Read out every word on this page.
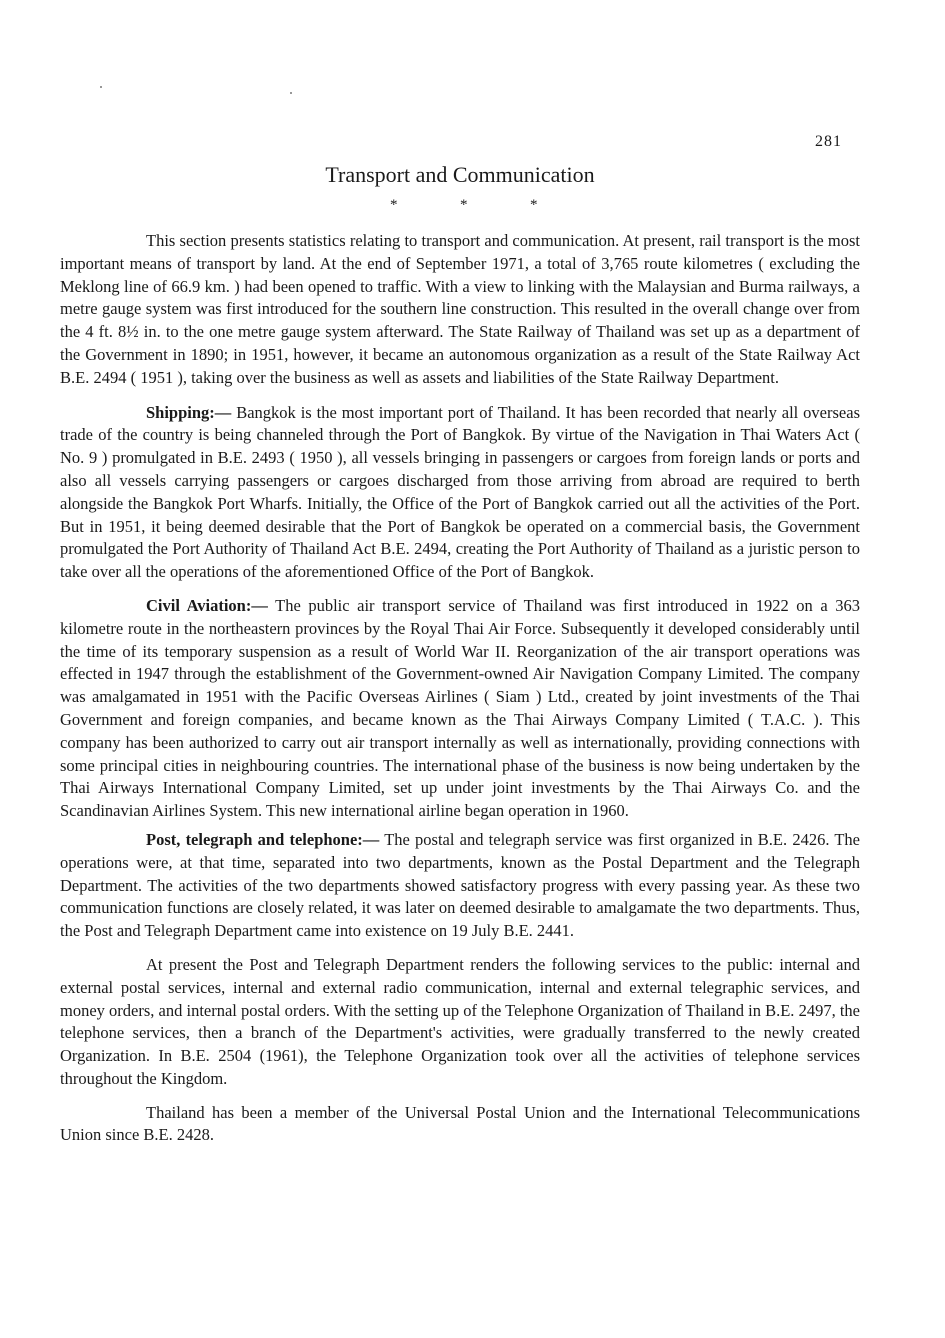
281
Transport and Communication
*	*	*

This section presents statistics relating to transport and communication. At present, rail transport is the most important means of transport by land. At the end of September 1971, a total of 3,765 route kilometres ( excluding the Meklong line of 66.9 km. ) had been opened to traffic. With a view to linking with the Malaysian and Burma railways, a metre gauge system was first introduced for the southern line construction. This resulted in the overall change over from the 4 ft. 8½ in. to the one metre gauge system afterward. The State Railway of Thailand was set up as a department of the Government in 1890; in 1951, however, it became an autonomous organization as a result of the State Railway Act B.E. 2494 ( 1951 ), taking over the business as well as assets and liabilities of the State Railway Department.

Shipping:— Bangkok is the most important port of Thailand. It has been recorded that nearly all overseas trade of the country is being channeled through the Port of Bangkok. By virtue of the Navigation in Thai Waters Act ( No. 9 ) promulgated in B.E. 2493 ( 1950 ), all vessels bringing in passengers or cargoes from foreign lands or ports and also all vessels carrying passengers or cargoes discharged from those arriving from abroad are required to berth alongside the Bangkok Port Wharfs. Initially, the Office of the Port of Bangkok carried out all the activities of the Port. But in 1951, it being deemed desirable that the Port of Bangkok be operated on a commercial basis, the Government promulgated the Port Authority of Thailand Act B.E. 2494, creating the Port Authority of Thailand as a juristic person to take over all the operations of the aforementioned Office of the Port of Bangkok.

Civil Aviation:— The public air transport service of Thailand was first introduced in 1922 on a 363 kilometre route in the northeastern provinces by the Royal Thai Air Force. Subsequently it developed considerably until the time of its temporary suspension as a result of World War II. Reorganization of the air transport operations was effected in 1947 through the establishment of the Government-owned Air Navigation Company Limited. The company was amalgamated in 1951 with the Pacific Overseas Airlines ( Siam ) Ltd., created by joint investments of the Thai Government and foreign companies, and became known as the Thai Airways Company Limited ( T.A.C. ). This company has been authorized to carry out air transport internally as well as internationally, providing connections with some principal cities in neighbouring countries. The international phase of the business is now being undertaken by the Thai Airways International Company Limited, set up under joint investments by the Thai Airways Co. and the Scandinavian Airlines System. This new international airline began operation in 1960.

Post, telegraph and telephone:— The postal and telegraph service was first organized in B.E. 2426. The operations were, at that time, separated into two departments, known as the Postal Department and the Telegraph Department. The activities of the two departments showed satisfactory progress with every passing year. As these two communication functions are closely related, it was later on deemed desirable to amalgamate the two departments. Thus, the Post and Telegraph Department came into existence on 19 July B.E. 2441.

At present the Post and Telegraph Department renders the following services to the public: internal and external postal services, internal and external radio communication, internal and external telegraphic services, and money orders, and internal postal orders. With the setting up of the Telephone Organization of Thailand in B.E. 2497, the telephone services, then a branch of the Department's activities, were gradually transferred to the newly created Organization. In B.E. 2504 (1961), the Telephone Organization took over all the activities of telephone services throughout the Kingdom.

Thailand has been a member of the Universal Postal Union and the International Telecommunications Union since B.E. 2428.
